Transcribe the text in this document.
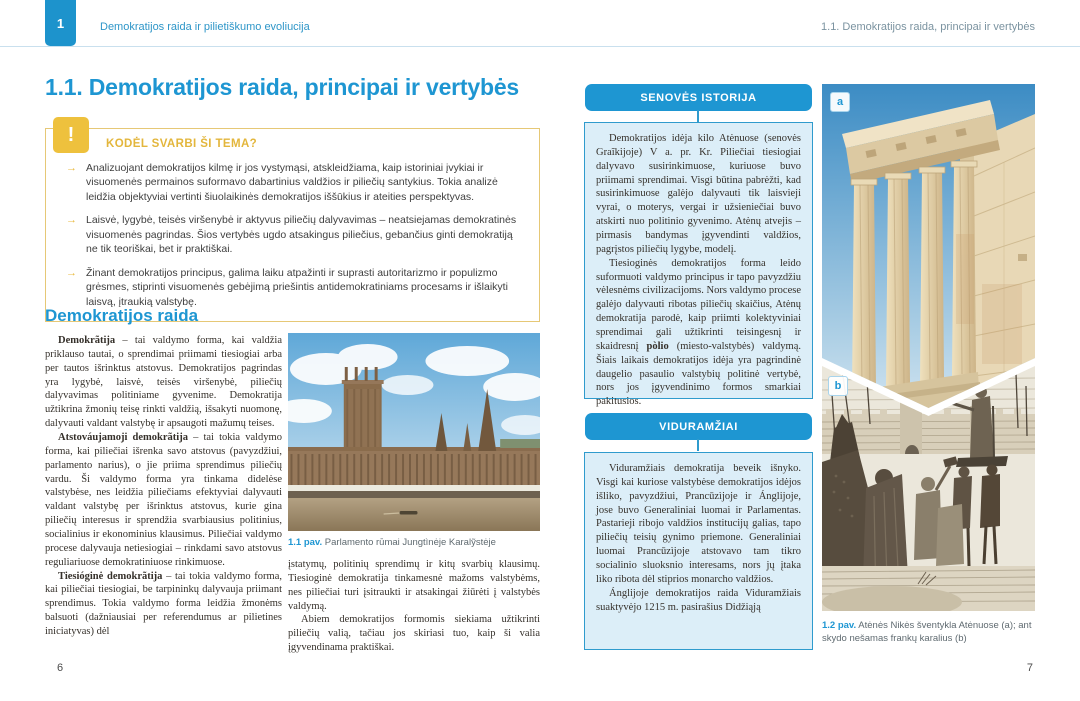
1	Demokratijos raida ir pilietiškumo evoliucija	1.1. Demokratijos raida, principai ir vertybės
1.1. Demokratijos raida, principai ir vertybės
!	KODĖL SVARBI ŠI TEMA?
→ Analizuojant demokratijos kilmę ir jos vystymąsi, atskleidžiama, kaip istoriniai įvykiai ir visuomenės permainos suformavo dabartinius valdžios ir piliečių santykius. Tokia analizė leidžia objektyviai vertinti šiuolaikinės demokratijos iššūkius ir ateities perspektyvas.
→ Laisvė, lygybė, teisės viršenybė ir aktyvus piliečių dalyvavimas – neatsiejamas demokratinės visuomenės pagrindas. Šios vertybės ugdo atsakingus piliečius, gebančius ginti demokratiją ne tik teoriškai, bet ir praktiškai.
→ Žinant demokratijos principus, galima laiku atpažinti ir suprasti autoritarizmo ir populizmo grėsmes, stiprinti visuomenės gebėjimą priešintis antidemokratiniams procesams ir išlaikyti laisvą, įtraukią valstybę.
Demokratijos raida

Demokrãtija – tai valdymo forma, kai valdžia priklauso tautai, o sprendimai priimami tiesiogiai arba per tautos išrinktus atstovus. Demokratijos pagrindas yra lygybė, laisvė, teisės viršenybė, piliečių dalyvavimas politiniame gyvenime. Demokratija užtikrina žmonių teisę rinkti valdžią, išsakyti nuomonę, dalyvauti valdant valstybę ir apsaugoti mažumų teises.

Atstováujamoji demokrãtija – tai tokia valdymo forma, kai piliečiai išrenka savo atstovus (pavyzdžiui, parlamento narius), o jie priima sprendimus piliečių vardu. Ši valdymo forma yra tinkama didelėse valstybėse, nes leidžia piliečiams efektyviai dalyvauti valdant valstybę per išrinktus atstovus, kurie gina piliečių interesus ir sprendžia svarbiausius politinius, socialinius ir ekonominius klausimus. Piliečiai valdymo procese dalyvauja netiesiogiai – rinkdami savo atstovus reguliariuose demokratiniuose rinkimuose.

Tiesióginė demokrãtija – tai tokia valdymo forma, kai piliečiai tiesiogiai, be tarpininkų dalyvauja priimant sprendimus. Tokia valdymo forma leidžia žmonėms balsuoti (dažniausiai per referendumus ar pilietines iniciatyvas) dėl

1.1 pav. Parlamento rūmai Jungtìnėje Karalỹstėje

įstatymų, politinių sprendimų ir kitų svarbių klausimų. Tiesioginė demokratija tinkamesnė mažoms valstybėms, nes piliečiai turi įsitraukti ir atsakingai žiūrėti į valstybės valdymą.

Abiem demokratijos formomis siekiama užtikrinti piliečių valią, tačiau jos skiriasi tuo, kaip ši valia įgyvendinama praktiškai.

6
SENOVĖS ISTORIJA

Demokratijos idėja kilo Atėnuose (senovės Graĩkijoje) V a. pr. Kr. Piliečiai tiesiogiai dalyvavo susirinkimuose, kuriuose buvo priimami sprendimai. Visgi būtina pabrėžti, kad susirinkimuose galėjo dalyvauti tik laisvieji vyrai, o moterys, vergai ir užsieniečiai buvo atskirti nuo politinio gyvenimo. Atėnų atvejis – pirmasis bandymas įgyvendinti valdžios, pagrįstos piliečių lygybe, modelį.

Tiesioginės demokratijos forma leido suformuoti valdymo principus ir tapo pavyzdžiu vėlesnėms civilizacijoms. Nors valdymo procese galėjo dalyvauti ribotas piliečių skaičius, Atėnų demokratija parodė, kaip priimti kolektyviniai sprendimai gali užtikrinti teisingesnį ir skaidresnį pòlio (miesto-valstybės) valdymą. Šiais laikais demokratijos idėja yra pagrindinė daugelio pasaulio valstybių politinė vertybė, nors jos įgyvendinimo formos smarkiai pakitusios.

VIDURAMŽIAI

Viduramžiais demokratija beveik išnyko. Visgi kai kuriose valstybėse demokratijos idėjos išliko, pavyzdžiui, Prancūzìjoje ir Ánglijoje, jose buvo Generaliniai luomai ir Parlamentas. Pastarieji ribojo valdžios institucijų galias, tapo piliečių teisių gynimo priemone. Generaliniai luomai Prancūzìjoje atstovavo tam tikro socialinio sluoksnio interesams, nors jų įtaka liko ribota dėl stiprios monarcho valdžios.

Ánglijoje demokratijos raida Viduramžiais suaktyvėjo 1215 m. pasirašius Didžiąją

a
b
1.2 pav. Atėnės Nikės šventykla Atėnuose (a); ant skydo nešamas frankų karalius (b)
7
